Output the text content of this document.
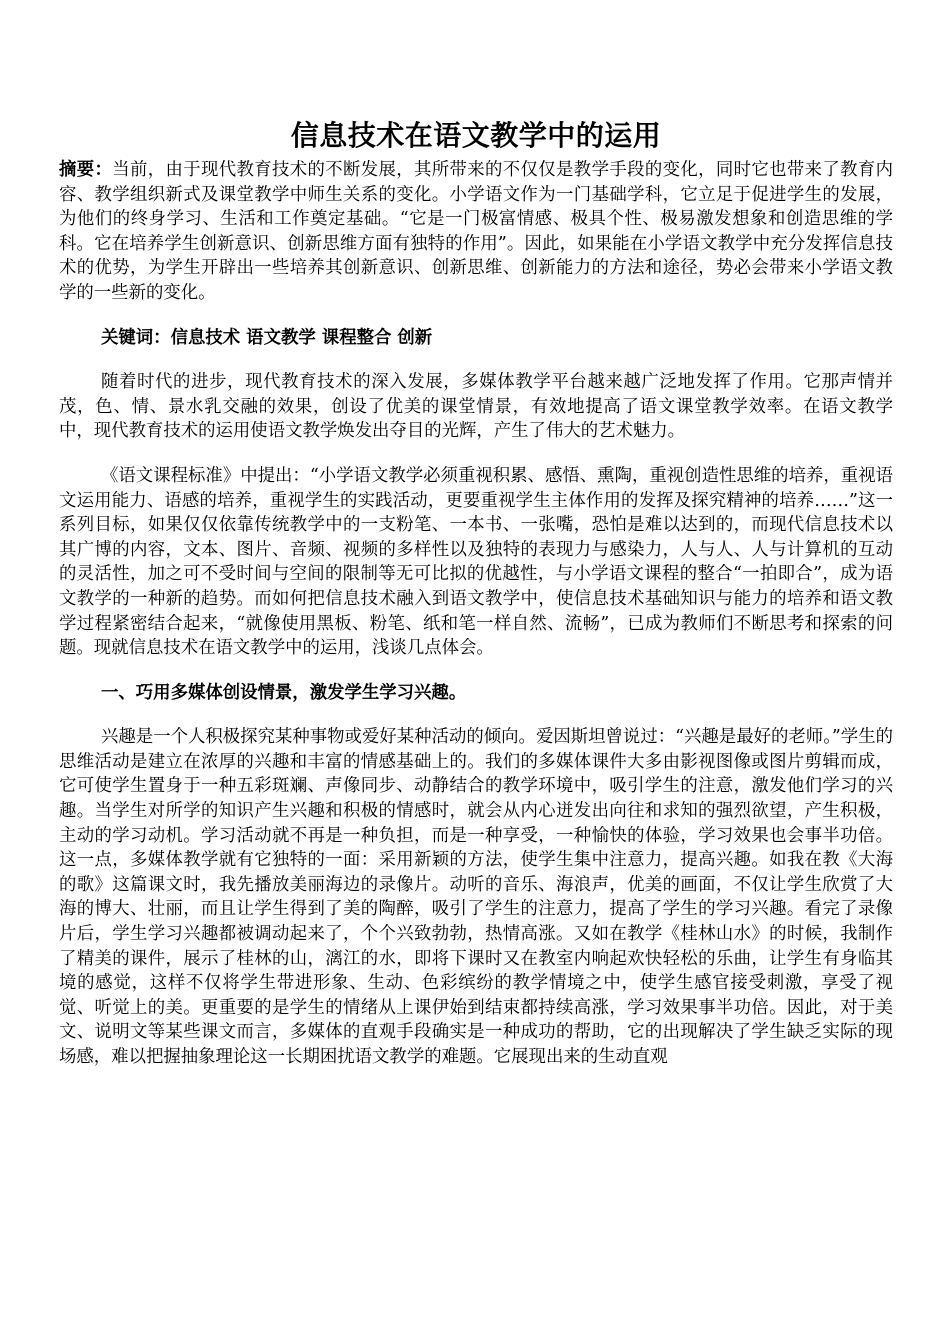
信息技术在语文教学中的运用

摘要：当前，由于现代教育技术的不断发展，其所带来的不仅仅是教学手段的变化，同时它也带来了教育内容、教学组织新式及课堂教学中师生关系的变化。小学语文作为一门基础学科，它立足于促进学生的发展，为他们的终身学习、生活和工作奠定基础。“它是一门极富情感、极具个性、极易激发想象和创造思维的学科。它在培养学生创新意识、创新思维方面有独特的作用”。因此，如果能在小学语文教学中充分发挥信息技术的优势，为学生开辟出一些培养其创新意识、创新思维、创新能力的方法和途径，势必会带来小学语文教学的一些新的变化。

关键词：信息技术 语文教学 课程整合 创新

随着时代的进步，现代教育技术的深入发展，多媒体教学平台越来越广泛地发挥了作用。它那声情并茂，色、情、景水乳交融的效果，创设了优美的课堂情景，有效地提高了语文课堂教学效率。在语文教学中，现代教育技术的运用使语文教学焕发出夺目的光辉，产生了伟大的艺术魅力。

《语文课程标准》中提出：“小学语文教学必须重视积累、感悟、熏陶，重视创造性思维的培养，重视语文运用能力、语感的培养，重视学生的实践活动，更要重视学生主体作用的发挥及探究精神的培养……”这一系列目标，如果仅仅依靠传统教学中的一支粉笔、一本书、一张嘴，恐怕是难以达到的，而现代信息技术以其广博的内容，文本、图片、音频、视频的多样性以及独特的表现力与感染力，人与人、人与计算机的互动的灵活性，加之可不受时间与空间的限制等无可比拟的优越性，与小学语文课程的整合“一拍即合”，成为语文教学的一种新的趋势。而如何把信息技术融入到语文教学中，使信息技术基础知识与能力的培养和语文教学过程紧密结合起来，“就像使用黑板、粉笔、纸和笔一样自然、流畅”，已成为教师们不断思考和探索的问题。现就信息技术在语文教学中的运用，浅谈几点体会。

一、巧用多媒体创设情景，激发学生学习兴趣。

兴趣是一个人积极探究某种事物或爱好某种活动的倾向。爱因斯坦曾说过：“兴趣是最好的老师。”学生的思维活动是建立在浓厚的兴趣和丰富的情感基础上的。我们的多媒体课件大多由影视图像或图片剪辑而成，它可使学生置身于一种五彩斑斓、声像同步、动静结合的教学环境中，吸引学生的注意，激发他们学习的兴趣。当学生对所学的知识产生兴趣和积极的情感时，就会从内心迸发出向往和求知的强烈欲望，产生积极，主动的学习动机。学习活动就不再是一种负担，而是一种享受，一种愉快的体验，学习效果也会事半功倍。这一点，多媒体教学就有它独特的一面：采用新颖的方法，使学生集中注意力，提高兴趣。如我在教《大海的歌》这篇课文时，我先播放美丽海边的录像片。动听的音乐、海浪声，优美的画面，不仅让学生欣赏了大海的博大、壮丽，而且让学生得到了美的陶醉，吸引了学生的注意力，提高了学生的学习兴趣。看完了录像片后，学生学习兴趣都被调动起来了，个个兴致勃勃，热情高涨。又如在教学《桂林山水》的时候，我制作了精美的课件，展示了桂林的山，漓江的水，即将下课时又在教室内响起欢快轻松的乐曲，让学生有身临其境的感觉，这样不仅将学生带进形象、生动、色彩缤纷的教学情境之中，使学生感官接受刺激，享受了视觉、听觉上的美。更重要的是学生的情绪从上课伊始到结束都持续高涨，学习效果事半功倍。因此，对于美文、说明文等某些课文而言，多媒体的直观手段确实是一种成功的帮助，它的出现解决了学生缺乏实际的现场感，难以把握抽象理论这一长期困扰语文教学的难题。它展现出来的生动直观
